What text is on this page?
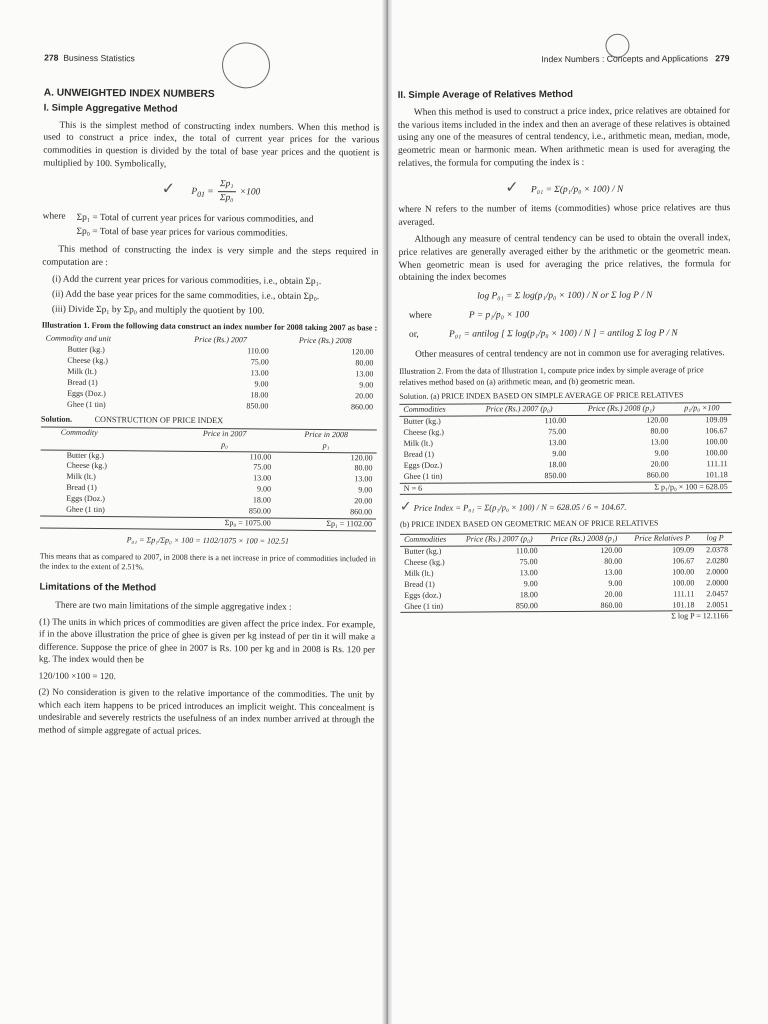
278 Business Statistics
A. UNWEIGHTED INDEX NUMBERS
I. Simple Aggregative Method

This is the simplest method of constructing index numbers. When this method is used to construct a price index, the total of current year prices for the various commodities in question is divided by the total of base year prices and the quotient is multiplied by 100. Symbolically,

✓ $P_{01} = \frac{\text{Σp₁}}{\text{Σp₀}} \times 100$
where	Σp₁ = Total of current year prices for various commodities, and
Σp₀ = Total of base year prices for various commodities.

This method of constructing the index is very simple and the steps required in computation are :

(i) Add the current year prices for various commodities, i.e., obtain Σp₁.
(ii) Add the base year prices for the same commodities, i.e., obtain Σp₀.
(iii) Divide Σp₁ by Σp₀ and multiply the quotient by 100.
Illustration 1. From the following data construct an index number for 2008 taking 2007 as base :
Commodity and unit	Price (Rs.) 2007	Price (Rs.) 2008
Butter (kg.)	110.00	120.00
Cheese (kg.)	75.00	80.00
Milk (lt.)	13.00	13.00
Bread (1)	9.00	9.00
Eggs (Doz.)	18.00	20.00
Ghee (1 tin)	850.00	860.00
Solution.	CONSTRUCTION OF PRICE INDEX
Commodity	Price in 2007	Price in 2008
	p₀	p₁
Butter (kg.)	110.00	120.00
Cheese (kg.)	75.00	80.00
Milk (lt.)	13.00	13.00
Bread (1)	9.00	9.00
Eggs (Doz.)	18.00	20.00
Ghee (1 tin)	850.00	860.00
	Σp₀ = 1075.00	Σp₁ = 1102.00
P₀₁ = Σp₁/Σp₀ × 100 = 1102/1075 × 100 = 102.51

This means that as compared to 2007, in 2008 there is a net increase in price of commodities included in the index to the extent of 2.51%.

Limitations of the Method

There are two main limitations of the simple aggregative index :

(1) The units in which prices of commodities are given affect the price index. For example, if in the above illustration the price of ghee is given per kg instead of per tin it will make a difference. Suppose the price of ghee in 2007 is Rs. 100 per kg and in 2008 is Rs. 120 per kg. The index would then be

120/100 ×100 = 120.

(2) No consideration is given to the relative importance of the commodities. The unit by which each item happens to be priced introduces an implicit weight. This concealment is undesirable and severely restricts the usefulness of an index number arrived at through the method of simple aggregate of actual prices.

Index Numbers : Concepts and Applications 279
II. Simple Average of Relatives Method

When this method is used to construct a price index, price relatives are obtained for the various items included in the index and then an average of these relatives is obtained using any one of the measures of central tendency, i.e., arithmetic mean, median, mode, geometric mean or harmonic mean. When arithmetic mean is used for averaging the relatives, the formula for computing the index is :

✓ P₀₁ = Σ(p₁/p₀ × 100) / N

where N refers to the number of items (commodities) whose price relatives are thus averaged.

Although any measure of central tendency can be used to obtain the overall index, price relatives are generally averaged either by the arithmetic or the geometric mean. When geometric mean is used for averaging the price relatives, the formula for obtaining the index becomes

log P₀₁ = Σ log(p₁/p₀ × 100) / N or Σ log P / N
where	P = p₁/p₀ × 100
or,	P₀₁ = antilog [ Σ log(p₁/p₀ × 100) / N ] = antilog Σ log P / N

Other measures of central tendency are not in common use for averaging relatives.

Illustration 2. From the data of Illustration 1, compute price index by simple average of price relatives method based on (a) arithmetic mean, and (b) geometric mean.
Solution. (a) PRICE INDEX BASED ON SIMPLE AVERAGE OF PRICE RELATIVES
Commodities	Price (Rs.) 2007 (p₀)	Price (Rs.) 2008 (p₁)	p₁/p₀ ×100
Butter (kg.)	110.00	120.00	109.09
Cheese (kg.)	75.00	80.00	106.67
Milk (lt.)	13.00	13.00	100.00
Bread (1)	9.00	9.00	100.00
Eggs (Doz.)	18.00	20.00	111.11
Ghee (1 tin)	850.00	860.00	101.18
N = 6		Σ p₁/p₀ × 100 = 628.05	
✓ Price Index = P₀₁ = Σ(p₁/p₀ × 100) / N = 628.05 / 6 = 104.67.
(b) PRICE INDEX BASED ON GEOMETRIC MEAN OF PRICE RELATIVES
Commodities	Price (Rs.) 2007 (p₀)	Price (Rs.) 2008 (p₁)	Price Relatives P	log P
Butter (kg.)	110.00	120.00	109.09	2.0378
Cheese (kg.)	75.00	80.00	106.67	2.0280
Milk (lt.)	13.00	13.00	100.00	2.0000
Bread (1)	9.00	9.00	100.00	2.0000
Eggs (doz.)	18.00	20.00	111.11	2.0457
Ghee (1 tin)	850.00	860.00	101.18	2.0051
			Σ log P = 12.1166	
